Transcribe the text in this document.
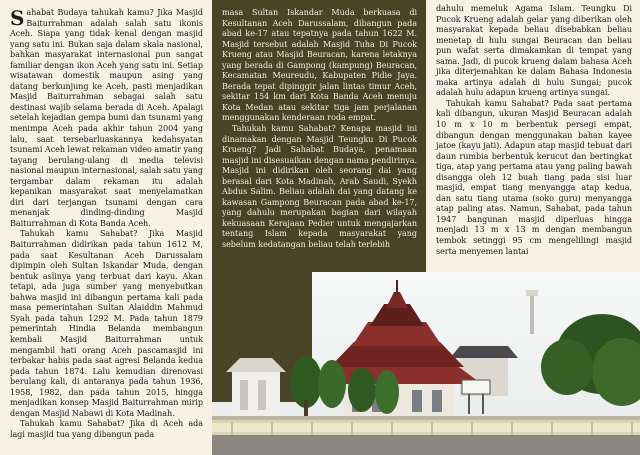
Sahabat Budaya tahukah kamu? Jika Masjid Baiturrahman adalah salah satu ikonis Aceh. Siapa yang tidak kenal dengan masjid yang satu ini. Bukan saja dalam skala nasional, bahkan masyarakat internasional pun sangat familiar dengan ikon Aceh yang satu ini. Setiap wisatawan domestik maupun asing yang datang berkunjung ke Aceh, pasti menjadikan Masjid Baiturrahman sebagai salah satu destinasi wajib selama berada di Aceh. Apalagi setelah kejadian gempa bumi dan tsunami yang menimpa Aceh pada akhir tahun 2004 yang lalu, saat tersebarluaskannya kedahsyatan tsunami Aceh lewat rekaman video amatir yang tayang berulang-ulang di media televisi nasional maupun internasional, salah satu yang tergambar dalam rekaman itu adalah kepanikan masyarakat saat menyelamatkan diri dari terjangan tsunami dengan cara menanjak dinding-dinding Masjid Baiturrahman di Kota Banda Aceh.

Tahukah kamu Sahabat? Jika Masjid Baiturrahman didirikan pada tahun 1612 M, pada saat Kesultanan Aceh Darussalam dipimpin oleh Sultan Iskandar Muda, dengan bentuk aslinya yang terbuat dari kayu. Akan tetapi, ada juga sumber yang menyebutkan bahwa masjid ini dibangun pertama kali pada masa pemerintahan Sultan Alaiddin Mahmud Syah pada tahun 1292 M. Pada tahun 1879 pemerintah Hindia Belanda membangun kembali Masjid Baiturrahman untuk mengambil hati orang Aceh pascamasjid ini terbakar habis pada saat agresi Belanda kedua pada tahun 1874. Lalu kemudian direnovasi berulang kali, di antaranya pada tahun 1936, 1958, 1982, dan pada tahun 2015, hingga menjadikan konsep Masjid Baiturrahman mirip dengan Masjid Nabawi di Kota Madinah.

Tahukah kamu Sahabat? Jika di Aceh ada lagi masjid tua yang dibangun pada

masa Sultan Iskandar Muda berkuasa di Kesultanan Aceh Darussalam, dibangun pada abad ke-17 atau tepatnya pada tahun 1622 M. Masjid tersebut adalah Masjid Tuha Di Pucok Krueng atau Masjid Beuracan, karena letaknya yang berada di Gampong (kampung) Beuracan, Kecamatan Meureudu, Kabupaten Pidie Jaya. Berada tepat dipinggir jalan lintas timur Aceh, sekitar 154 km dari Kota Banda Aceh menuju Kota Medan atau sekitar tiga jam perjalanan menggunakan kenderaan roda empat.

Tahukah kamu Sahabat? Kenapa masjid ini dinamakan dengan Masjid Teungku Di Pucok Krueng? Jadi Sahabat Budaya, penamaan masjid ini disesuaikan dengan nama pendirinya. Masjid ini didirikan oleh seorang dai yang berasal dari Kota Madinah, Arab Saudi, Syekh Abdus Salim. Beliau adalah dai yang datang ke kawasan Gampong Beuracan pada abad ke-17, yang dahulu merupakan bagian dari wilayah kekuasaan Kerajaan Pedier untuk mengajarkan tentang Islam kepada masyarakat yang sebelum kedatangan beliau telah terlebih

dahulu memeluk Agama Islam. Teungku Di Pucok Krueng adalah gelar yang diberikan oleh masyarakat kepada beliau disebabkan beliau menetap di hulu sungai Beuracan dan beliau pun wafat serta dimakamkan di tempat yang sama. Jadi, di pucok krueng dalam bahasa Aceh jika diterjemahkan ke dalam Bahasa Indonesia maka artinya adalah di hulu Sungai; pucok adalah hulu adapun krueng artinya sungai.

Tahukah kamu Sahabat? Pada saat pertama kali dibangun, ukuran Masjid Beuracan adalah 10 m x 10 m berbentuk persegi empat, dibangun dengan menggunakan bahan kayee jatoe (kayu jati). Adapun atap masjid tebuat dari daun rumbia berbentuk kerucut dan bertingkat tiga, atap yang pertama atau yang paling bawah disangga oleh 12 buah tiang pada sisi luar masjid, empat tiang menyangga atap kedua, dan satu tiang utama (soko guru) menyangga atap paling atas. Namun, Sahabat, pada tahun 1947 bangunan masjid diperluas hingga menjadi 13 m x 13 m dengan membangun tembok setinggi 95 cm mengelilingi masjid serta menyemen lantai
